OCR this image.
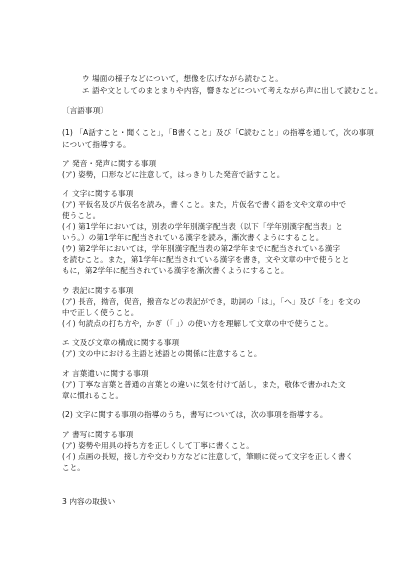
ウ 場面の様子などについて，想像を広げながら読むこと。
エ 語や文としてのまとまりや内容，響きなどについて考えながら声に出して読むこと。
〔言語事項〕
(1) 「A話すこと・聞くこと」，「B書くこと」及び「C読むこと」の指導を通して，次の事項
について指導する。
ア 発音・発声に関する事項
(ア) 姿勢，口形などに注意して，はっきりした発音で話すこと。
イ 文字に関する事項
(ア) 平仮名及び片仮名を読み，書くこと。また，片仮名で書く語を文や文章の中で
使うこと。
(イ) 第1学年においては，別表の学年別漢字配当表（以下「学年別漢字配当表」と
いう。）の第1学年に配当されている漢字を読み，漸次書くようにすること。
(ウ) 第2学年においては，学年別漢字配当表の第2学年までに配当されている漢字
を読むこと。また，第1学年に配当されている漢字を書き，文や文章の中で使うとと
もに，第2学年に配当されている漢字を漸次書くようにすること。
ウ 表記に関する事項
(ア) 長音，拗音，促音，撥音などの表記ができ，助詞の「は」，「へ」及び「を」を文の
中で正しく使うこと。
(イ) 句読点の打ち方や，かぎ（「 」）の使い方を理解して文章の中で使うこと。
エ 文及び文章の構成に関する事項
(ア) 文の中における主語と述語との関係に注意すること。
オ 言葉遣いに関する事項
(ア) 丁寧な言葉と普通の言葉との違いに気を付けて話し，また，敬体で書かれた文
章に慣れること。
(2) 文字に関する事項の指導のうち，書写については，次の事項を指導する。
ア 書写に関する事項
(ア) 姿勢や用具の持ち方を正しくして丁寧に書くこと。
(イ) 点画の長短，接し方や交わり方などに注意して，筆順に従って文字を正しく書く
こと。
3 内容の取扱い
